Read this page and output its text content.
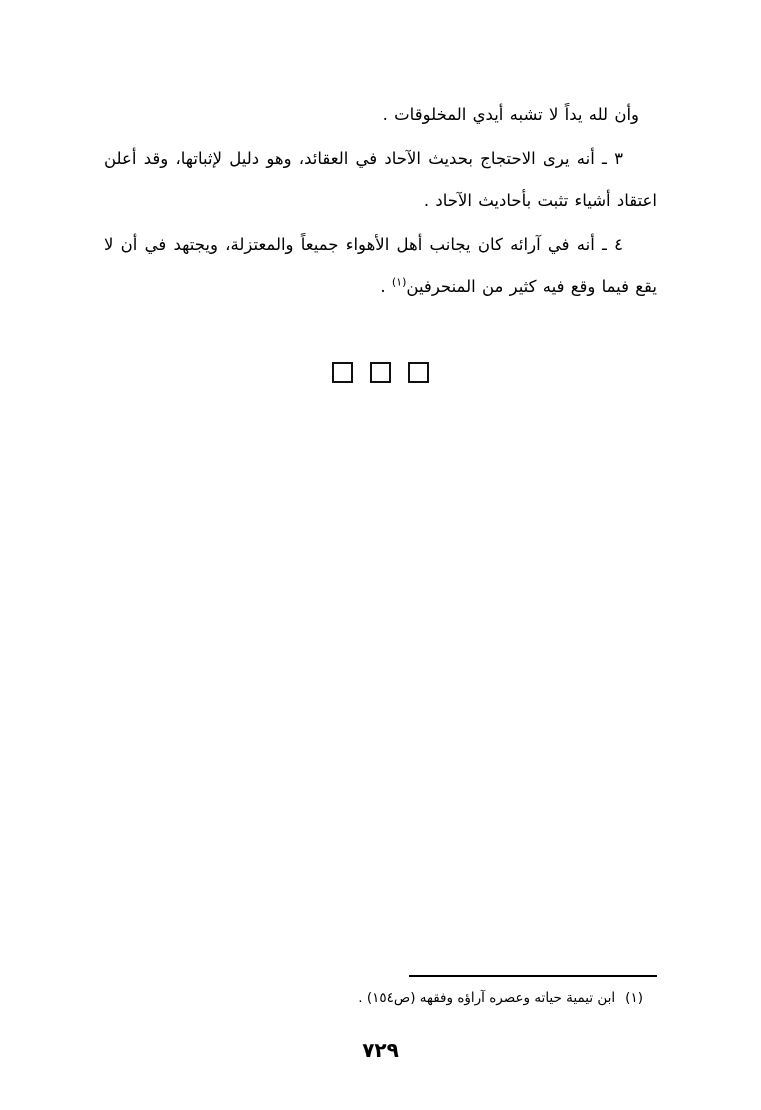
وأن لله يداً لا تشبه أيدي المخلوقات .

٣ ـ أنه يرى الاحتجاج بحديث الآحاد في العقائد، وهو دليل لإثباتها، وقد أعلن اعتقاد أشياء تثبت بأحاديث الآحاد .

٤ ـ أنه في آرائه كان يجانب أهل الأهواء جميعاً والمعتزلة، ويجتهد في أن لا يقع فيما وقع فيه كثير من المنحرفين$^{(١)}$ .

(١)ابن تيمية حياته وعصره آراؤه وفقهه (ص١٥٤) .
٧٢٩
